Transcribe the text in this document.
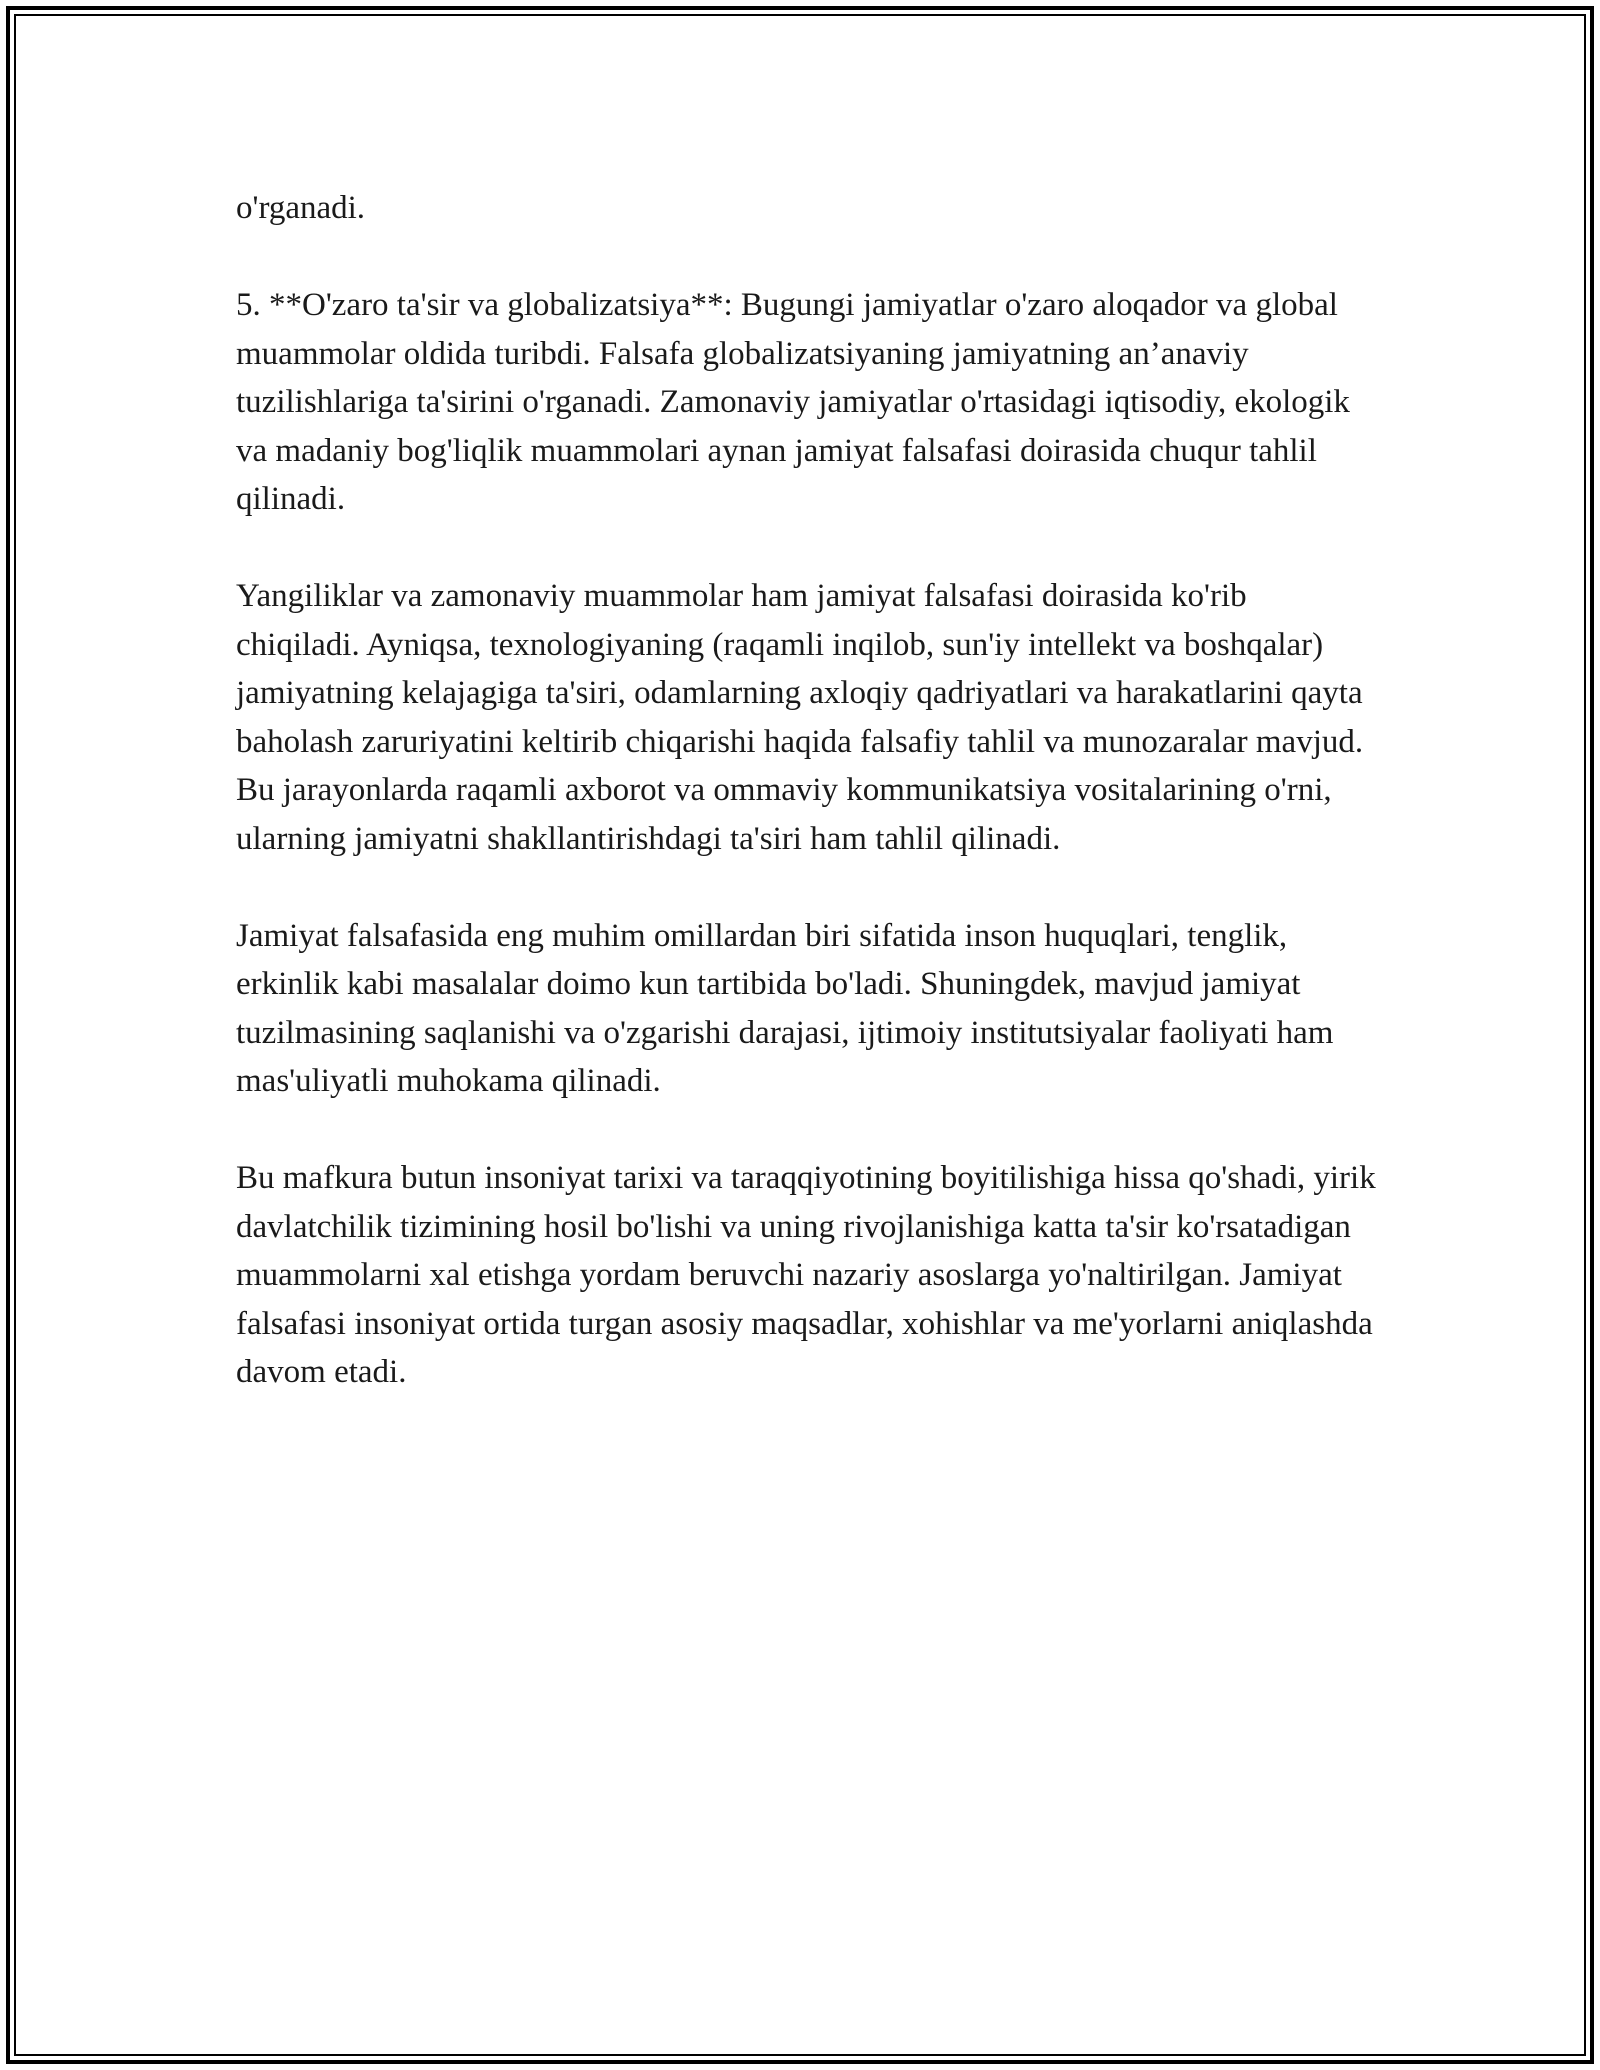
o'rganadi.

5. **O'zaro ta'sir va globalizatsiya**: Bugungi jamiyatlar o'zaro aloqador va global muammolar oldida turibdi. Falsafa globalizatsiyaning jamiyatning an’anaviy tuzilishlariga ta'sirini o'rganadi. Zamonaviy jamiyatlar o'rtasidagi iqtisodiy, ekologik va madaniy bog'liqlik muammolari aynan jamiyat falsafasi doirasida chuqur tahlil qilinadi.

Yangiliklar va zamonaviy muammolar ham jamiyat falsafasi doirasida ko'rib chiqiladi. Ayniqsa, texnologiyaning (raqamli inqilob, sun'iy intellekt va boshqalar) jamiyatning kelajagiga ta'siri, odamlarning axloqiy qadriyatlari va harakatlarini qayta baholash zaruriyatini keltirib chiqarishi haqida falsafiy tahlil va munozaralar mavjud. Bu jarayonlarda raqamli axborot va ommaviy kommunikatsiya vositalarining o'rni, ularning jamiyatni shakllantirishdagi ta'siri ham tahlil qilinadi.

Jamiyat falsafasida eng muhim omillardan biri sifatida inson huquqlari, tenglik, erkinlik kabi masalalar doimo kun tartibida bo'ladi. Shuningdek, mavjud jamiyat tuzilmasining saqlanishi va o'zgarishi darajasi, ijtimoiy institutsiyalar faoliyati ham mas'uliyatli muhokama qilinadi.

Bu mafkura butun insoniyat tarixi va taraqqiyotining boyitilishiga hissa qo'shadi, yirik davlatchilik tizimining hosil bo'lishi va uning rivojlanishiga katta ta'sir ko'rsatadigan muammolarni xal etishga yordam beruvchi nazariy asoslarga yo'naltirilgan. Jamiyat falsafasi insoniyat ortida turgan asosiy maqsadlar, xohishlar va me'yorlarni aniqlashda davom etadi.
